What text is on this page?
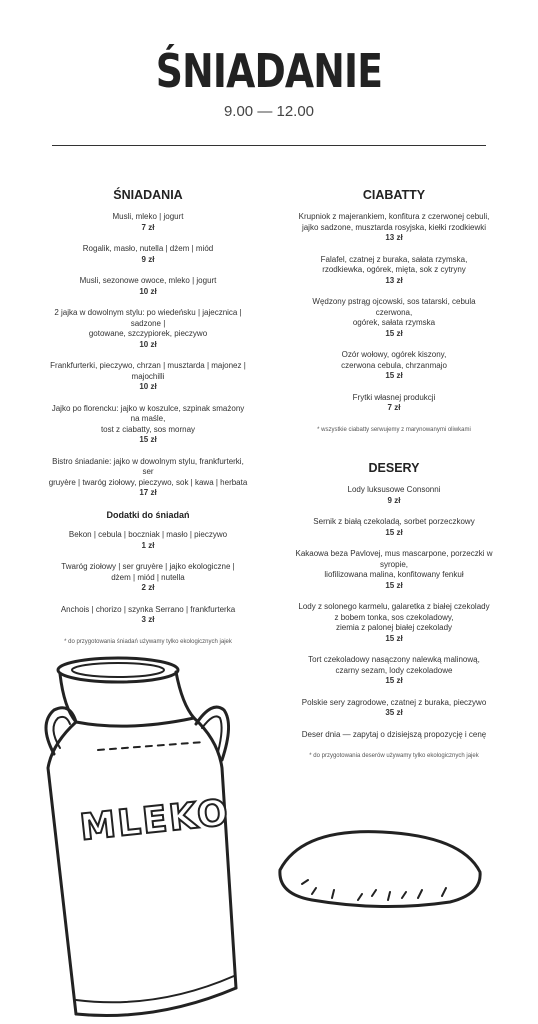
ŚNIADANIE
9.00 — 12.00
ŚNIADANIA
Musli, mleko | jogurt
7 zł
Rogalik, masło, nutella | dżem | miód
9 zł
Musli, sezonowe owoce, mleko | jogurt
10 zł
2 jajka w dowolnym stylu: po wiedeńsku | jajecznica | sadzone |
gotowane, szczypiorek, pieczywo
10 zł
Frankfurterki, pieczywo, chrzan | musztarda | majonez | majochilli
10 zł
Jajko po florencku: jajko w koszulce, szpinak smażony na maśle,
tost z ciabatty, sos mornay
15 zł
Bistro śniadanie: jajko w dowolnym stylu, frankfurterki, ser
gruyère | twaróg ziołowy, pieczywo, sok | kawa | herbata
17 zł
Dodatki do śniadań
Bekon | cebula | boczniak | masło | pieczywo
1 zł
Twaróg ziołowy | ser gruyère | jajko ekologiczne |
dżem | miód | nutella
2 zł
Anchois | chorizo | szynka Serrano | frankfurterka
3 zł
* do przygotowania śniadań używamy tylko ekologicznych jajek
CIABATTY
Krupniok z majerankiem, konfitura z czerwonej cebuli,
jajko sadzone, musztarda rosyjska, kiełki rzodkiewki
13 zł
Falafel, czatnej z buraka, sałata rzymska,
rzodkiewka, ogórek, mięta, sok z cytryny
13 zł
Wędzony pstrąg ojcowski, sos tatarski, cebula czerwona,
ogórek, sałata rzymska
15 zł
Ozór wołowy, ogórek kiszony,
czerwona cebula, chrzanmajo
15 zł
Frytki własnej produkcji
7 zł
* wszystkie ciabatty serwujemy z marynowanymi oliwkami
DESERY
Lody luksusowe Consonni
9 zł
Sernik z białą czekoladą, sorbet porzeczkowy
15 zł
Kakaowa beza Pavlovej, mus mascarpone, porzeczki w syropie,
liofilizowana malina, konfitowany fenkuł
15 zł
Lody z solonego karmelu, galaretka z białej czekolady
z bobem tonka, sos czekoladowy,
ziemia z palonej białej czekolady
15 zł
Tort czekoladowy nasączony nalewką malinową,
czarny sezam, lody czekoladowe
15 zł
Polskie sery zagrodowe, czatnej z buraka, pieczywo
35 zł
Deser dnia — zapytaj o dzisiejszą propozycję i cenę
* do przygotowania deserów używamy tylko ekologicznych jajek
MLEKO
